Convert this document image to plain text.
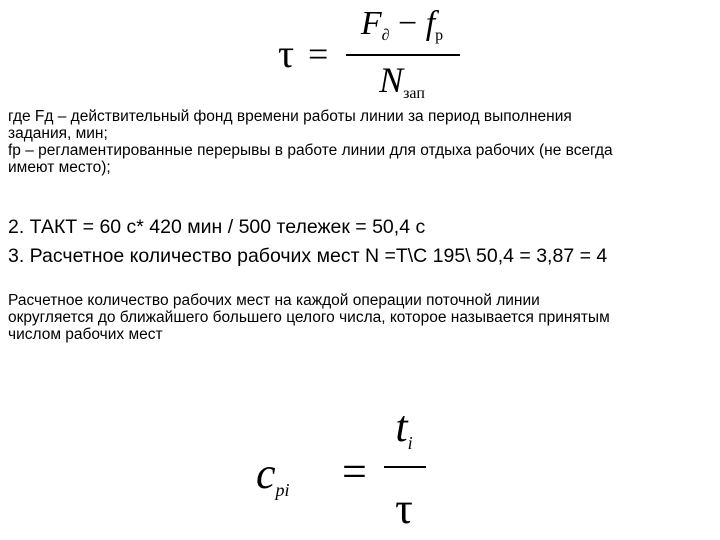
τ =
$F_\partial - f_p$
$N_{зап}$
где Fд – действительный фонд времени работы линии за период выполнения
задания, мин;
fр – регламентированные перерывы в работе линии для отдыха рабочих (не всегда
имеют место);
2. ТАКТ = 60 с* 420 мин / 500 тележек = 50,4 с
3. Расчетное количество рабочих мест N =Т\С 195\ 50,4 = 3,87 = 4
Расчетное количество рабочих мест на каждой операции поточной линии
округляется до ближайшего большего целого числа, которое называется принятым
числом рабочих мест
cpi =
ti
τ
